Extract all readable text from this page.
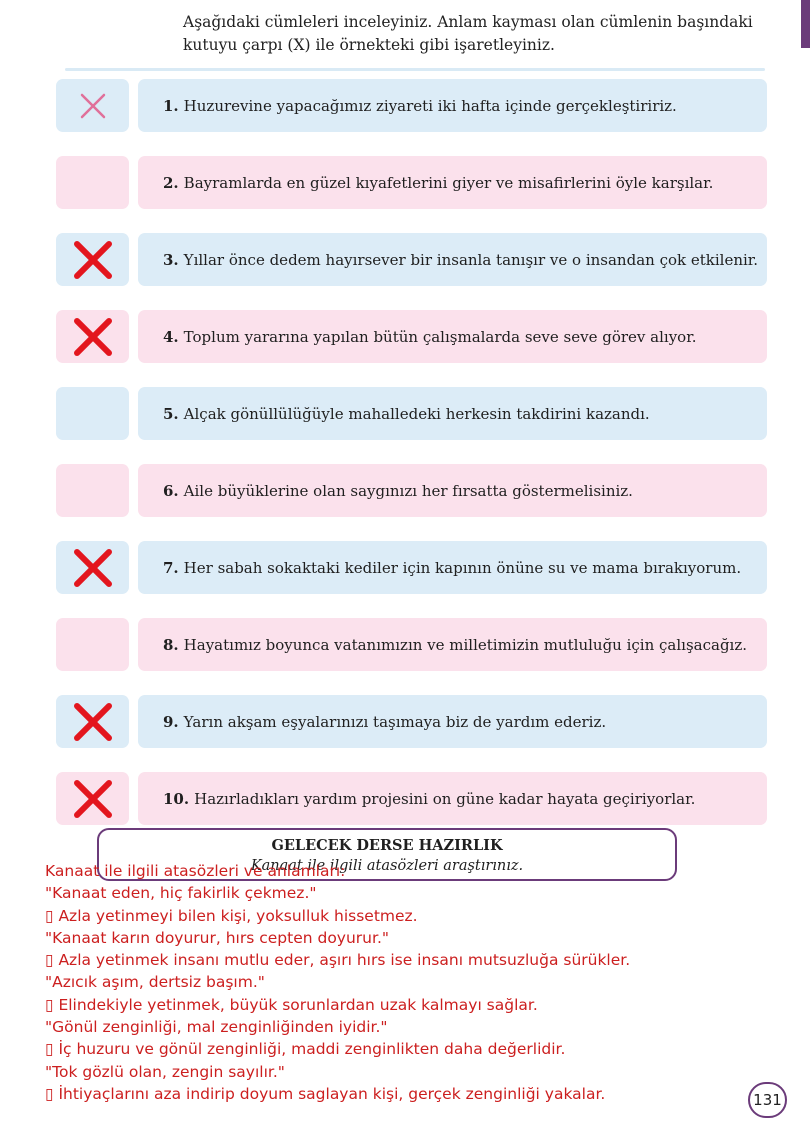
Aşağıdaki cümleleri inceleyiniz. Anlam kayması olan cümlenin başındaki kutuyu çarpı (X) ile örnekteki gibi işaretleyiniz.

1. Huzurevine yapacağımız ziyareti iki hafta içinde gerçekleştiririz.
2. Bayramlarda en güzel kıyafetlerini giyer ve misafirlerini öyle karşılar.
3. Yıllar önce dedem hayırsever bir insanla tanışır ve o insandan çok etkilenir.
4. Toplum yararına yapılan bütün çalışmalarda seve seve görev alıyor.
5. Alçak gönüllülüğüyle mahalledeki herkesin takdirini kazandı.
6. Aile büyüklerine olan saygınızı her fırsatta göstermelisiniz.
7. Her sabah sokaktaki kediler için kapının önüne su ve mama bırakıyorum.
8. Hayatımız boyunca vatanımızın ve milletimizin mutluluğu için çalışacağız.
9. Yarın akşam eşyalarınızı taşımaya biz de yardım ederiz.
10. Hazırladıkları yardım projesini on güne kadar hayata geçiriyorlar.
GELECEK DERSE HAZIRLIK
Kanaat ile ilgili atasözleri araştırınız.
Kanaat ile ilgili atasözleri ve anlamları:
"Kanaat eden, hiç fakirlik çekmez."
▯ Azla yetinmeyi bilen kişi, yoksulluk hissetmez.
"Kanaat karın doyurur, hırs cepten doyurur."
▯ Azla yetinmek insanı mutlu eder, aşırı hırs ise insanı mutsuzluğa sürükler.
"Azıcık aşım, dertsiz başım."
▯ Elindekiyle yetinmek, büyük sorunlardan uzak kalmayı sağlar.
"Gönül zenginliği, mal zenginliğinden iyidir."
▯ İç huzuru ve gönül zenginliği, maddi zenginlikten daha değerlidir.
"Tok gözlü olan, zengin sayılır."
▯ İhtiyaçlarını aza indirip doyum saglayan kişi, gerçek zenginliği yakalar.	131
